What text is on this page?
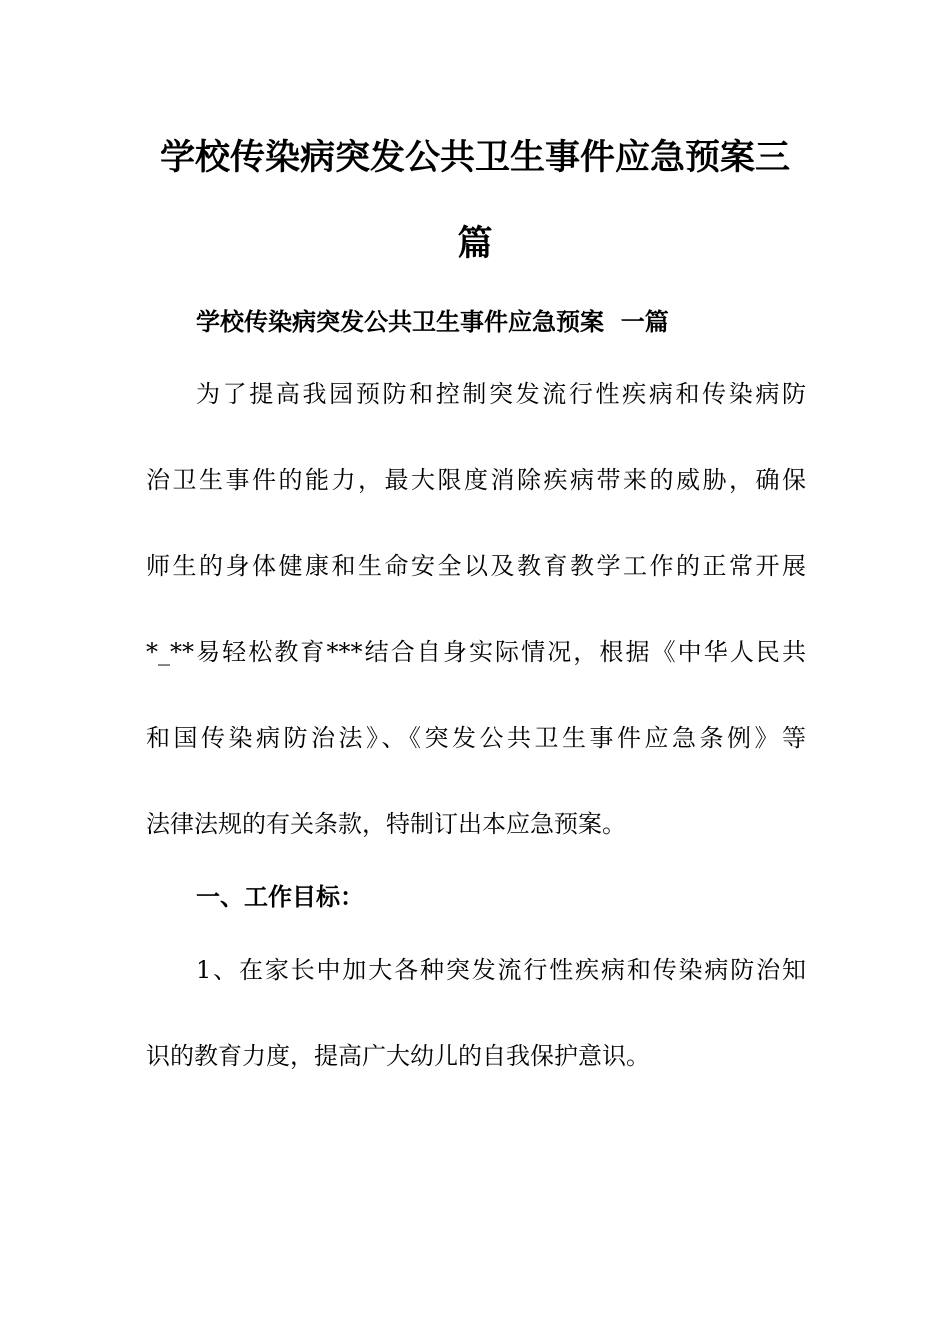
学校传染病突发公共卫生事件应急预案三
篇
学校传染病突发公共卫生事件应急预案  一篇

为了提高我园预防和控制突发流行性疾病和传染病防

治卫生事件的能力，最大限度消除疾病带来的威胁，确保

师生的身体健康和生命安全以及教育教学工作的正常开展

*_**易轻松教育***结合自身实际情况，根据《中华人民共

和国传染病防治法》、《突发公共卫生事件应急条例》等

法律法规的有关条款，特制订出本应急预案。

一、工作目标：

1、在家长中加大各种突发流行性疾病和传染病防治知

识的教育力度，提高广大幼儿的自我保护意识。
